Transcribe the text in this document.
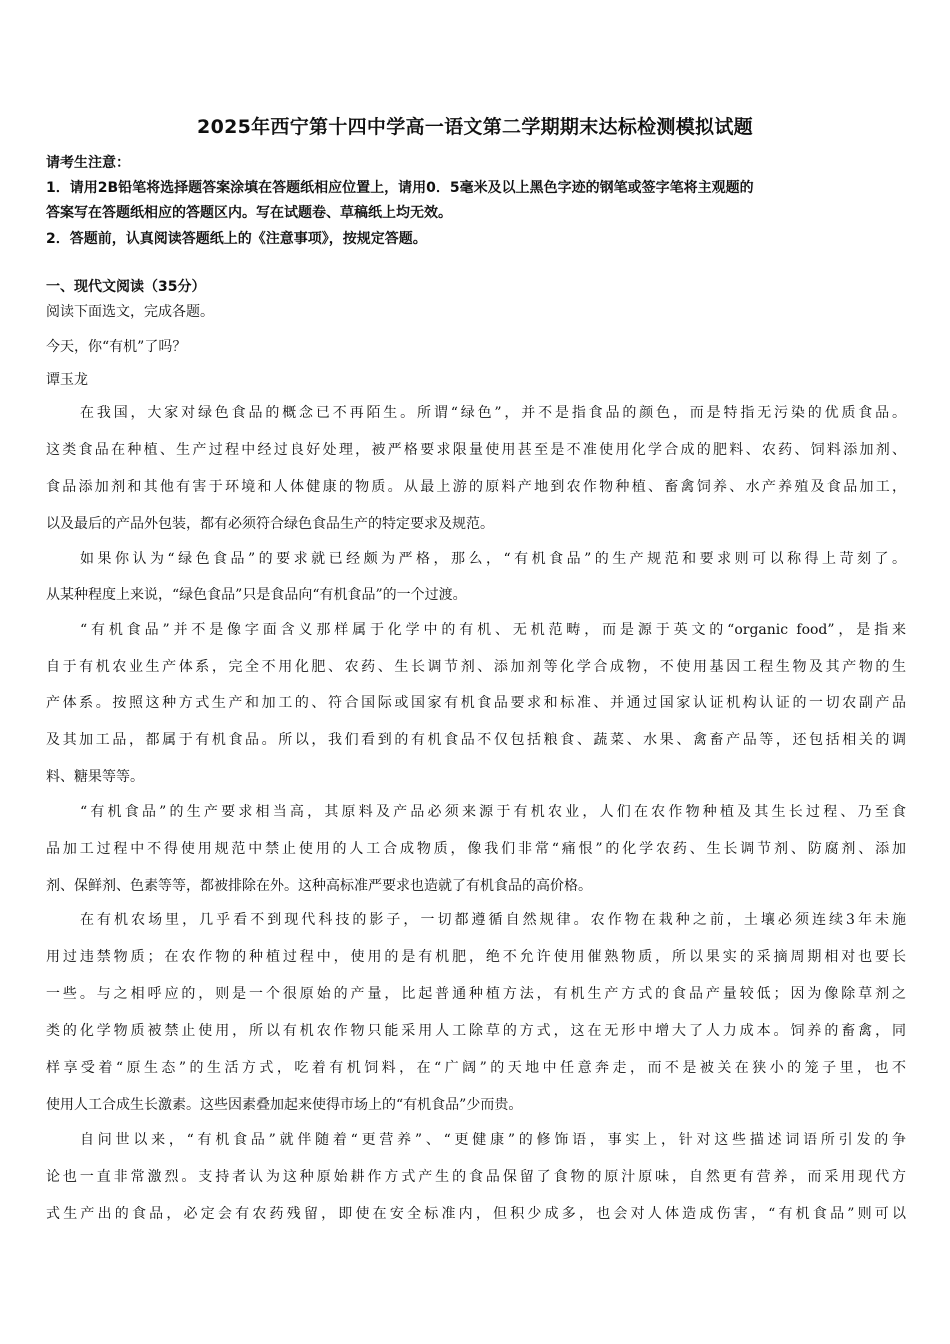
2025年西宁第十四中学高一语文第二学期期末达标检测模拟试题
请考生注意：
1．请用2B铅笔将选择题答案涂填在答题纸相应位置上，请用0．5毫米及以上黑色字迹的钢笔或签字笔将主观题的
答案写在答题纸相应的答题区内。写在试题卷、草稿纸上均无效。
2．答题前，认真阅读答题纸上的《注意事项》，按规定答题。
一、现代文阅读（35分）
阅读下面选文，完成各题。
今天，你“有机”了吗？
谭玉龙
在我国，大家对绿色食品的概念已不再陌生。所谓“绿色”，并不是指食品的颜色，而是特指无污染的优质食品。
这类食品在种植、生产过程中经过良好处理，被严格要求限量使用甚至是不准使用化学合成的肥料、农药、饲料添加剂、
食品添加剂和其他有害于环境和人体健康的物质。从最上游的原料产地到农作物种植、畜禽饲养、水产养殖及食品加工，
以及最后的产品外包装，都有必须符合绿色食品生产的特定要求及规范。
如果你认为“绿色食品”的要求就已经颇为严格，那么，“有机食品”的生产规范和要求则可以称得上苛刻了。
从某种程度上来说，“绿色食品”只是食品向“有机食品”的一个过渡。
“有机食品”并不是像字面含义那样属于化学中的有机、无机范畴，而是源于英文的“organic food”，是指来
自于有机农业生产体系，完全不用化肥、农药、生长调节剂、添加剂等化学合成物，不使用基因工程生物及其产物的生
产体系。按照这种方式生产和加工的、符合国际或国家有机食品要求和标准、并通过国家认证机构认证的一切农副产品
及其加工品，都属于有机食品。所以，我们看到的有机食品不仅包括粮食、蔬菜、水果、禽畜产品等，还包括相关的调
料、糖果等等。
“有机食品”的生产要求相当高，其原料及产品必须来源于有机农业，人们在农作物种植及其生长过程、乃至食
品加工过程中不得使用规范中禁止使用的人工合成物质，像我们非常“痛恨”的化学农药、生长调节剂、防腐剂、添加
剂、保鲜剂、色素等等，都被排除在外。这种高标准严要求也造就了有机食品的高价格。
在有机农场里，几乎看不到现代科技的影子，一切都遵循自然规律。农作物在栽种之前，土壤必须连续3年未施
用过违禁物质；在农作物的种植过程中，使用的是有机肥，绝不允许使用催熟物质，所以果实的采摘周期相对也要长
一些。与之相呼应的，则是一个很原始的产量，比起普通种植方法，有机生产方式的食品产量较低；因为像除草剂之
类的化学物质被禁止使用，所以有机农作物只能采用人工除草的方式，这在无形中增大了人力成本。饲养的畜禽，同
样享受着“原生态”的生活方式，吃着有机饲料，在“广阔”的天地中任意奔走，而不是被关在狭小的笼子里，也不
使用人工合成生长激素。这些因素叠加起来使得市场上的“有机食品”少而贵。
自问世以来，“有机食品”就伴随着“更营养”、“更健康”的修饰语，事实上，针对这些描述词语所引发的争
论也一直非常激烈。支持者认为这种原始耕作方式产生的食品保留了食物的原汁原味，自然更有营养，而采用现代方
式生产出的食品，必定会有农药残留，即使在安全标准内，但积少成多，也会对人体造成伤害，“有机食品”则可以
